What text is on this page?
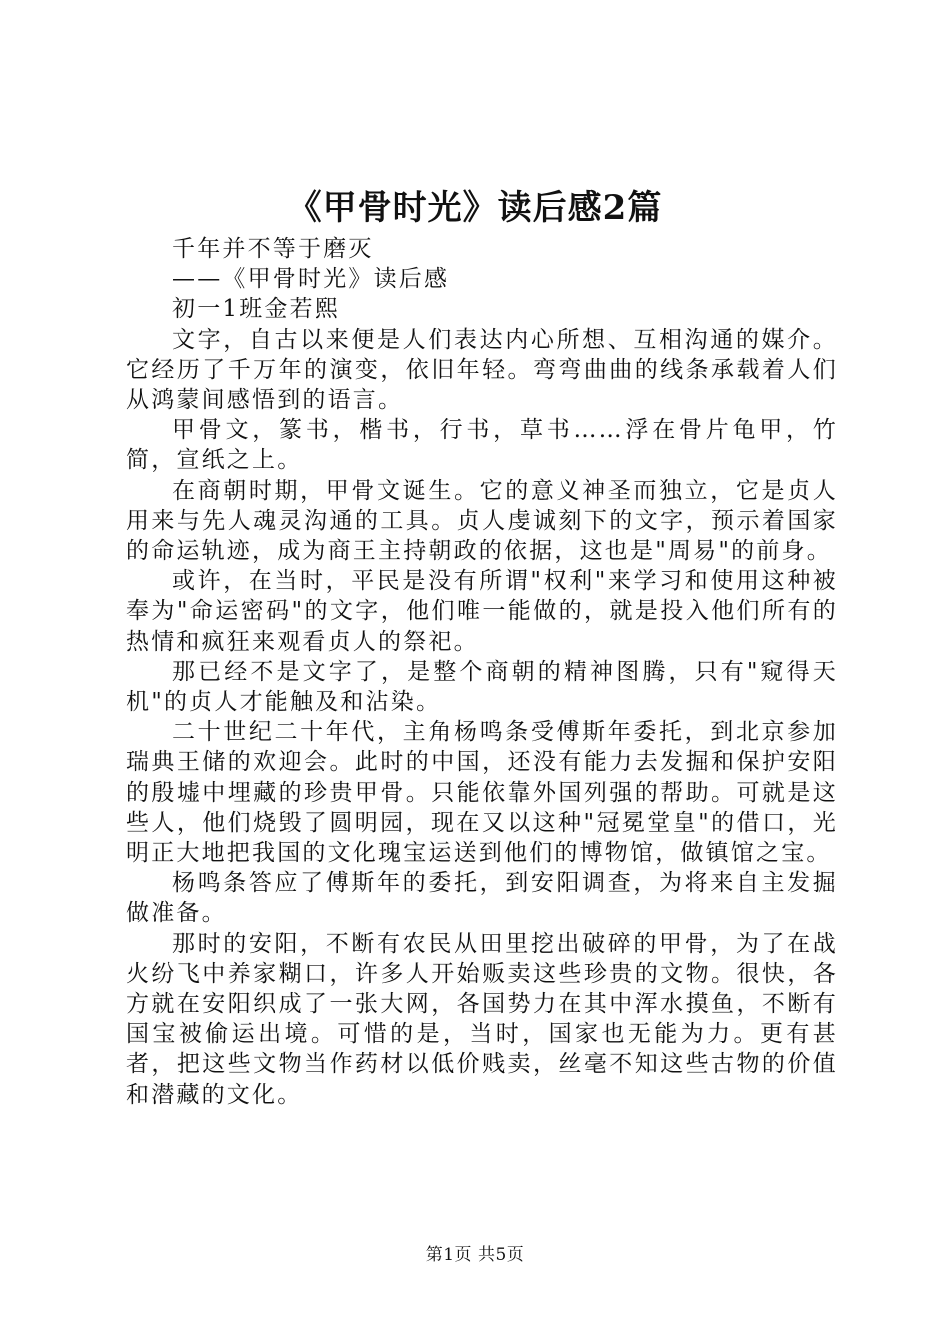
《甲骨时光》读后感2篇

千年并不等于磨灭

——《甲骨时光》读后感

初一1班金若熙

文字，自古以来便是人们表达内心所想、互相沟通的媒介。它经历了千万年的演变，依旧年轻。弯弯曲曲的线条承载着人们从鸿蒙间感悟到的语言。

甲骨文，篆书，楷书，行书，草书……浮在骨片龟甲，竹简，宣纸之上。

在商朝时期，甲骨文诞生。它的意义神圣而独立，它是贞人用来与先人魂灵沟通的工具。贞人虔诚刻下的文字，预示着国家的命运轨迹，成为商王主持朝政的依据，这也是"周易"的前身。

或许，在当时，平民是没有所谓"权利"来学习和使用这种被奉为"命运密码"的文字，他们唯一能做的，就是投入他们所有的热情和疯狂来观看贞人的祭祀。

那已经不是文字了，是整个商朝的精神图腾，只有"窥得天机"的贞人才能触及和沾染。

二十世纪二十年代，主角杨鸣条受傅斯年委托，到北京参加瑞典王储的欢迎会。此时的中国，还没有能力去发掘和保护安阳的殷墟中埋藏的珍贵甲骨。只能依靠外国列强的帮助。可就是这些人，他们烧毁了圆明园，现在又以这种"冠冕堂皇"的借口，光明正大地把我国的文化瑰宝运送到他们的博物馆，做镇馆之宝。

杨鸣条答应了傅斯年的委托，到安阳调查，为将来自主发掘做准备。

那时的安阳，不断有农民从田里挖出破碎的甲骨，为了在战火纷飞中养家糊口，许多人开始贩卖这些珍贵的文物。很快，各方就在安阳织成了一张大网，各国势力在其中浑水摸鱼，不断有国宝被偷运出境。可惜的是，当时，国家也无能为力。更有甚者，把这些文物当作药材以低价贱卖，丝毫不知这些古物的价值和潜藏的文化。

第1页 共5页
